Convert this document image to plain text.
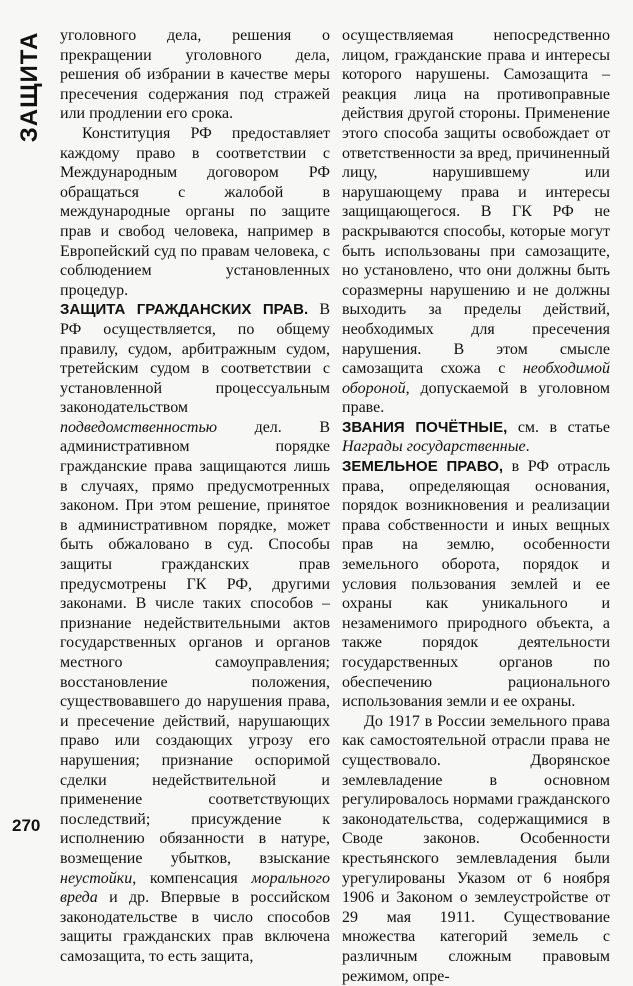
ЗАЩИТА	уголовного дела, решения о прекращении уголовного дела, решения об избрании в качестве меры пресечения содержания под стражей или продлении его срока.

Конституция РФ предоставляет каждому право в соответствии с Международным договором РФ обращаться с жалобой в международные органы по защите прав и свобод человека, например в Европейский суд по правам человека, с соблюдением установленных процедур.

ЗАЩИТА ГРАЖДАНСКИХ ПРАВ. В РФ осуществляется, по общему правилу, судом, арбитражным судом, третейским судом в соответствии с установленной процессуальным законодательством подведомственностью дел. В административном порядке гражданские права защищаются лишь в случаях, прямо предусмотренных законом. При этом решение, принятое в административном порядке, может быть обжаловано в суд. Способы защиты гражданских прав предусмотрены ГК РФ, другими законами. В числе таких способов – признание недействительными актов государственных органов и органов местного самоуправления; восстановление положения, существовавшего до нарушения права, и пресечение действий, нарушающих право или создающих угрозу его нарушения; признание оспоримой сделки недействительной и применение соответствующих последствий; присуждение к исполнению обязанности в натуре, возмещение убытков, взыскание неустойки, компенсация морального вреда и др. Впервые в российском законодательстве в число способов защиты гражданских прав включена самозащита, то есть защита,

осуществляемая непосредственно лицом, гражданские права и интересы которого нарушены. Самозащита – реакция лица на противоправные действия другой стороны. Применение этого способа защиты освобождает от ответственности за вред, причиненный лицу, нарушившему или нарушающему права и интересы защищающегося. В ГК РФ не раскрываются способы, которые могут быть использованы при самозащите, но установлено, что они должны быть соразмерны нарушению и не должны выходить за пределы действий, необходимых для пресечения нарушения. В этом смысле самозащита схожа с необходимой обороной, допускаемой в уголовном праве.

ЗВАНИЯ ПОЧЁТНЫЕ, см. в статье Награды государственные.

ЗЕМЕЛЬНОЕ ПРАВО, в РФ отрасль права, определяющая основания, порядок возникновения и реализации права собственности и иных вещных прав на землю, особенности земельного оборота, порядок и условия пользования землей и ее охраны как уникального и незаменимого природного объекта, а также порядок деятельности государственных органов по обеспечению рационального использования земли и ее охраны.

До 1917 в России земельного права как самостоятельной отрасли права не существовало. Дворянское землевладение в основном регулировалось нормами гражданского законодательства, содержащимися в Своде законов. Особенности крестьянского землевладения были урегулированы Указом от 6 ноября 1906 и Законом о землеустройстве от 29 мая 1911. Существование множества категорий земель с различным сложным правовым режимом, опре-

270
